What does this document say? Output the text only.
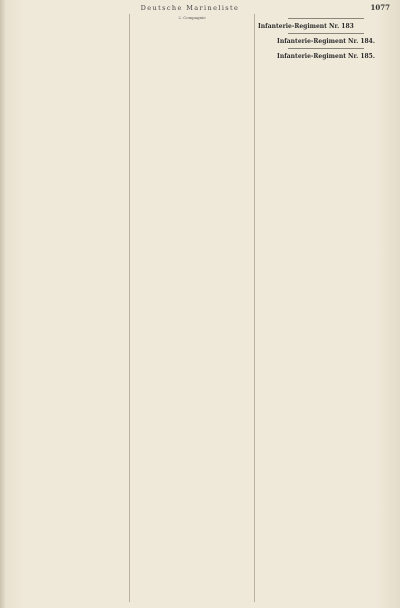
Deutsche Marineliste	1077
2. Compagnie
Infanterie-Regiment Nr. 183
Infanterie-Regiment Nr. 184.
Infanterie-Regiment Nr. 185.
